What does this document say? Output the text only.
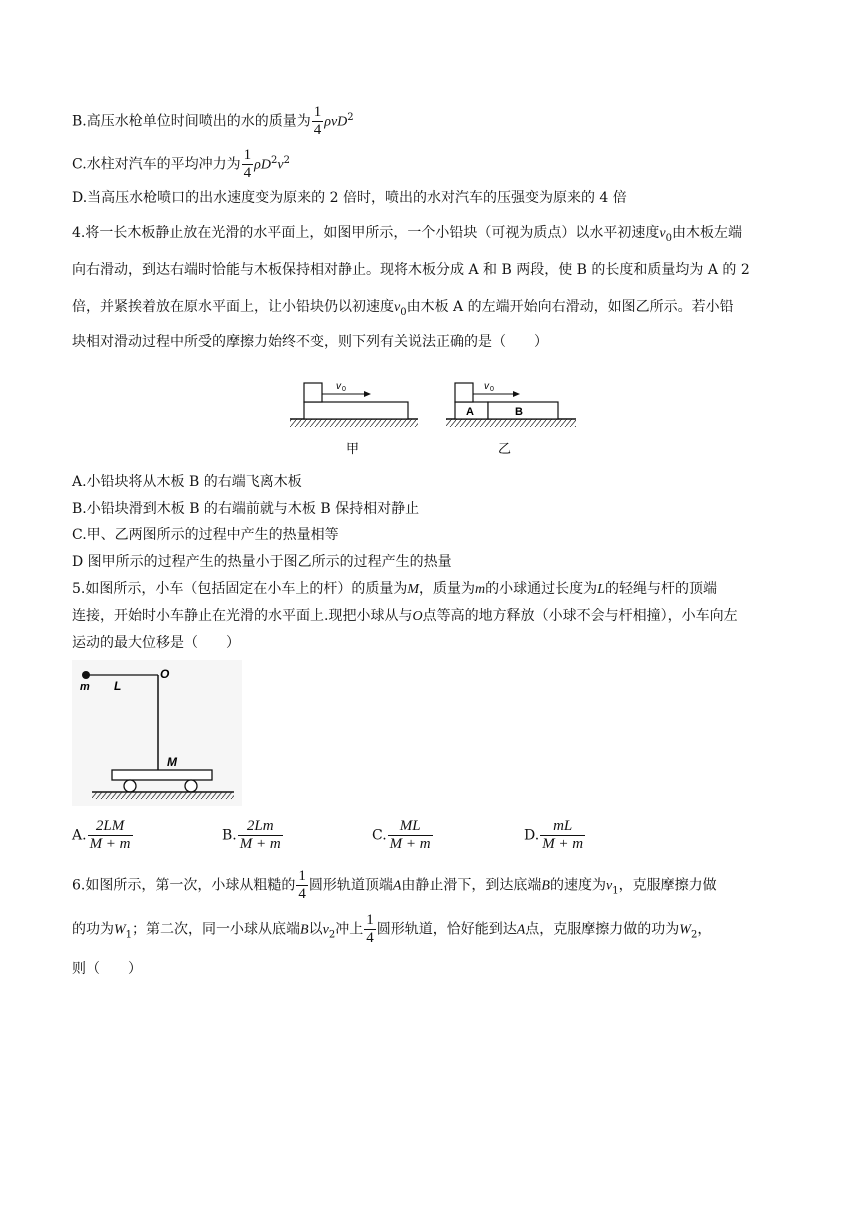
B.高压水枪单位时间喷出的水的质量为 $\frac{1}{4} \rho vD^2$
C.水柱对汽车的平均冲力为 $\frac{1}{4} \rho D^2v^2$
D.当高压水枪喷口的出水速度变为原来的 2 倍时，喷出的水对汽车的压强变为原来的 4 倍
4.将一长木板静止放在光滑的水平面上，如图甲所示，一个小铅块（可视为质点）以水平初速度$v_0$由木板左端
向右滑动，到达右端时恰能与木板保持相对静止。现将木板分成 A 和 B 两段，使 B 的长度和质量均为 A 的 2
倍，并紧挨着放在原水平面上，让小铅块仍以初速度$v_0$由木板 A 的左端开始向右滑动，如图乙所示。若小铅
块相对滑动过程中所受的摩擦力始终不变，则下列有关说法正确的是（　　）
v 0
甲
v 0
A	B
乙
A.小铅块将从木板 B 的右端飞离木板
B.小铅块滑到木板 B 的右端前就与木板 B 保持相对静止
C.甲、乙两图所示的过程中产生的热量相等
D 图甲所示的过程产生的热量小于图乙所示的过程产生的热量
5.如图所示，小车（包括固定在小车上的杆）的质量为M，质量为m的小球通过长度为L的轻绳与杆的顶端
连接，开始时小车静止在光滑的水平面上.现把小球从与O点等高的地方释放（小球不会与杆相撞），小车向左
运动的最大位移是（　　）
m L
O
M
A. $\frac{2LM}{M + m}$	B. $\frac{2Lm}{M + m}$	C. $\frac{ML}{M + m}$	D. $\frac{mL}{M + m}$
6.如图所示，第一次，小球从粗糙的 $\frac{1}{4}$ 圆形轨道顶端A由静止滑下，到达底端B的速度为$v_1$，克服摩擦力做
的功为$W_1$；第二次，同一小球从底端B以$v_2$冲上 $\frac{1}{4}$ 圆形轨道，恰好能到达A点，克服摩擦力做的功为$W_2$，
则（　　）
